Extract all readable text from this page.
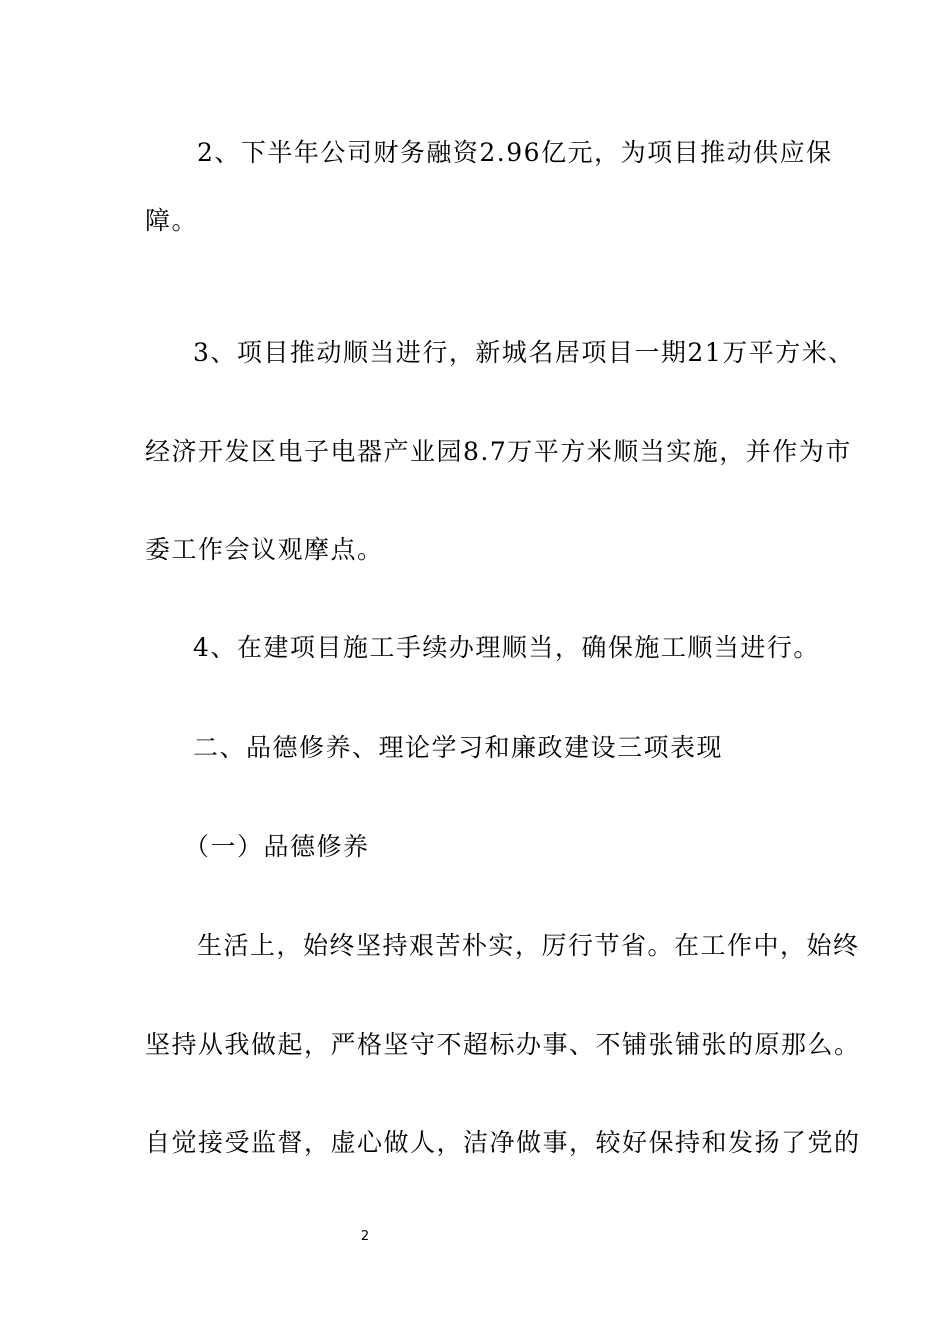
2、下半年公司财务融资2.96亿元，为项目推动供应保
障。
3、项目推动顺当进行，新城名居项目一期21万平方米、
经济开发区电子电器产业园8.7万平方米顺当实施，并作为市
委工作会议观摩点。
4、在建项目施工手续办理顺当，确保施工顺当进行。
二、品德修养、理论学习和廉政建设三项表现
（一）品德修养
生活上，始终坚持艰苦朴实，厉行节省。在工作中，始终
坚持从我做起，严格坚守不超标办事、不铺张铺张的原那么。
自觉接受监督，虚心做人，洁净做事，较好保持和发扬了党的
2
